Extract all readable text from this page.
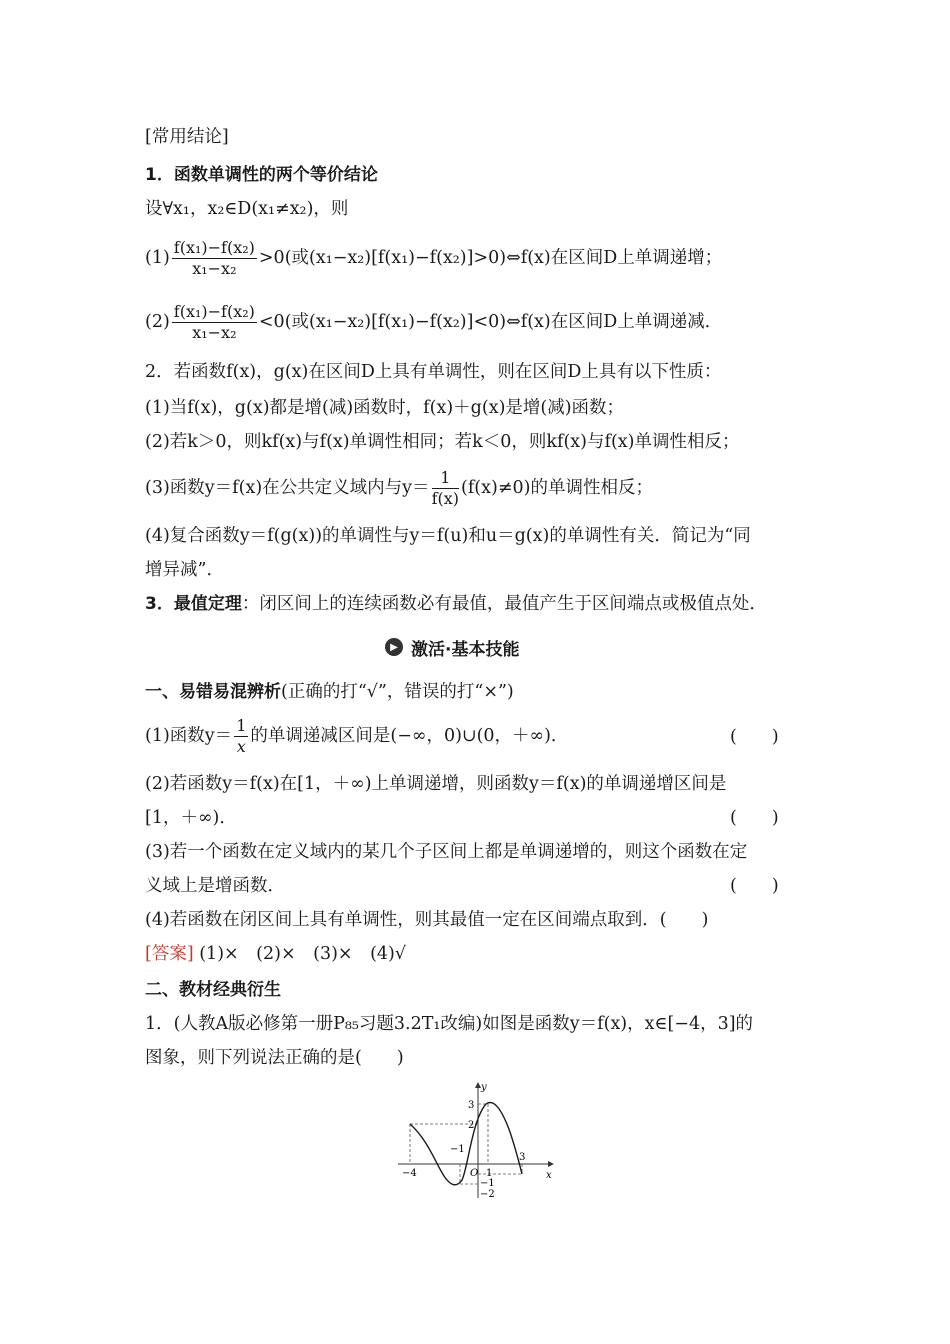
[常用结论]
1．函数单调性的两个等价结论
设∀x₁，x₂∈D(x₁≠x₂)，则
$(1) \frac{\text{f(x₁)−f(x₂)}}{\text{x₁−x₂}} >0$(或(x₁−x₂)[f(x₁)−f(x₂)]>0)⇔f(x)在区间D上单调递增；
$(2) \frac{\text{f(x₁)−f(x₂)}}{\text{x₁−x₂}} <0$(或(x₁−x₂)[f(x₁)−f(x₂)]<0)⇔f(x)在区间D上单调递减．
2．若函数f(x)，g(x)在区间D上具有单调性，则在区间D上具有以下性质：
(1)当f(x)，g(x)都是增(减)函数时，f(x)＋g(x)是增(减)函数；
(2)若k＞0，则kf(x)与f(x)单调性相同；若k＜0，则kf(x)与f(x)单调性相反；
(3)函数y＝f(x)在公共定义域内与$y= \frac{1}{f(x)} (f(x)\ne 0)$的单调性相反；
(4)复合函数y＝f(g(x))的单调性与y＝f(u)和u＝g(x)的单调性有关．简记为“同
增异减”．
3．最值定理：闭区间上的连续函数必有最值，最值产生于区间端点或极值点处．
▶ 激活·基本技能
一、易错易混辨析(正确的打“√”，错误的打“×”)
(1)函数$y= \frac{1}{x}$ 的单调递减区间是(−∞，0)∪(0，＋∞)．	(　　)
(2)若函数y＝f(x)在[1，＋∞)上单调递增，则函数y＝f(x)的单调递增区间是
[1，＋∞)．	(　　)
(3)若一个函数在定义域内的某几个子区间上都是单调递增的，则这个函数在定
义域上是增函数．	(　　)
(4)若函数在闭区间上具有单调性，则其最值一定在区间端点取到．(　　)
[答案] (1)×　(2)×　(3)×　(4)√
二、教材经典衍生
1．(人教A版必修第一册P₈₅习题3.2T₁改编)如图是函数y＝f(x)，x∈[−4，3]的
图象，则下列说法正确的是(　　)
y
x
3
2
−1
−4	O 1
3
−1
−2
